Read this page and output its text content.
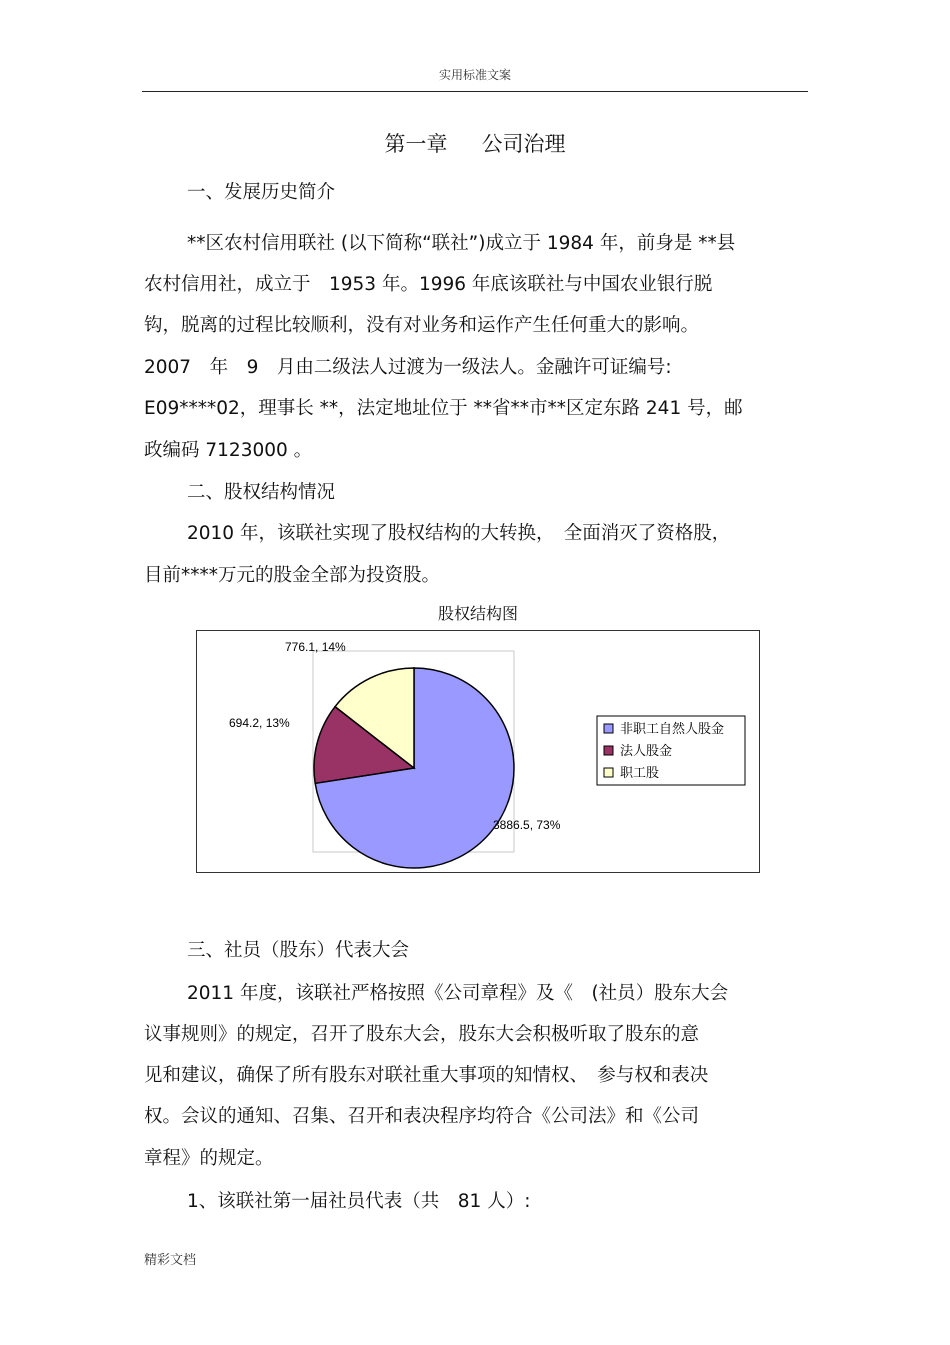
实用标准文案
第一章 公司治理
一、发展历史简介
**区农村信用联社 (以下简称“联社”)成立于 1984 年，前身是 **县
农村信用社，成立于　1953 年。1996 年底该联社与中国农业银行脱
钩，脱离的过程比较顺利，没有对业务和运作产生任何重大的影响。
2007　年　9　月由二级法人过渡为一级法人。金融许可证编号:
E09****02，理事长 **，法定地址位于 **省**市**区定东路 241 号，邮
政编码 7123000 。
二、股权结构情况
2010 年，该联社实现了股权结构的大转换，　全面消灭了资格股，
目前****万元的股金全部为投资股。
股权结构图
3886.5, 73%
694.2, 13%
776.1, 14%
非职工自然人股金
法人股金
职工股
三、社员（股东）代表大会
2011 年度，该联社严格按照《公司章程》及《　(社员）股东大会
议事规则》的规定，召开了股东大会，股东大会积极听取了股东的意
见和建议，确保了所有股东对联社重大事项的知情权、　参与权和表决
权。会议的通知、召集、召开和表决程序均符合《公司法》和《公司
章程》的规定。
1、该联社第一届社员代表（共　81 人）:
精彩文档
